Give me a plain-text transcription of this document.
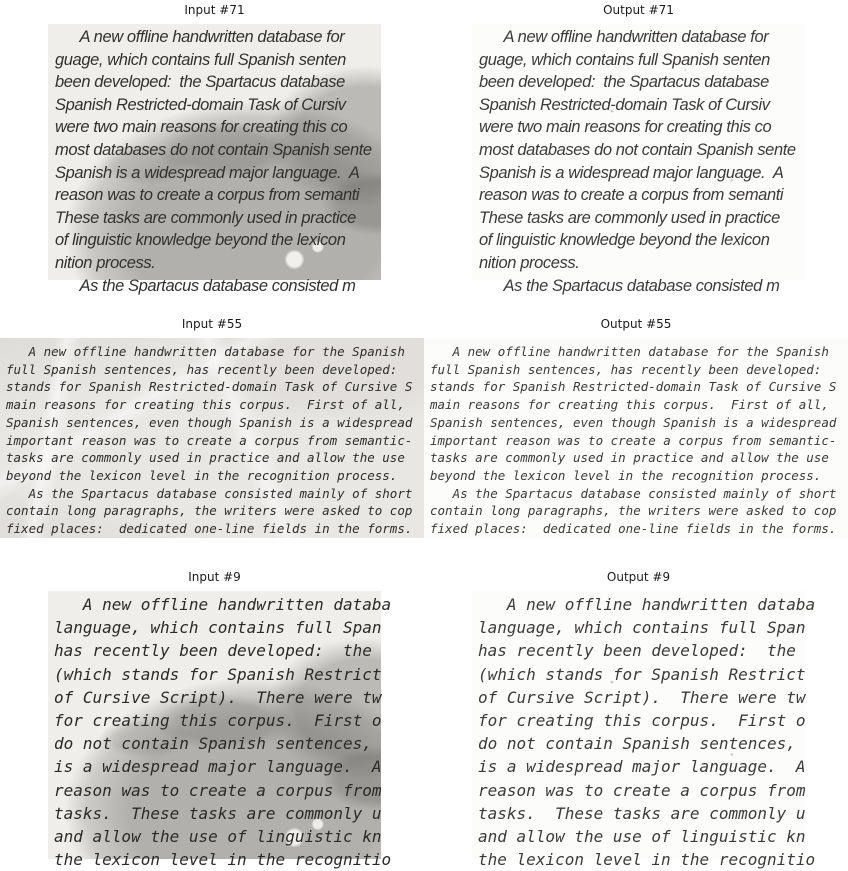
Input #71
A new offline handwritten database for
guage, which contains full Spanish senten
been developed:  the Spartacus database
Spanish Restricted-domain Task of Cursiv
were two main reasons for creating this co
most databases do not contain Spanish sente
Spanish is a widespread major language.  A
reason was to create a corpus from semanti
These tasks are commonly used in practice
of linguistic knowledge beyond the lexicon
nition process.
As the Spartacus database consisted m
Output #71
A new offline handwritten database for
guage, which contains full Spanish senten
been developed:  the Spartacus database
Spanish Restricted-domain Task of Cursiv
were two main reasons for creating this co
most databases do not contain Spanish sente
Spanish is a widespread major language.  A
reason was to create a corpus from semanti
These tasks are commonly used in practice
of linguistic knowledge beyond the lexicon
nition process.
As the Spartacus database consisted m
Input #55
A new offline handwritten database for the Spanish
full Spanish sentences, has recently been developed:
stands for Spanish Restricted-domain Task of Cursive S
main reasons for creating this corpus.  First of all,
Spanish sentences, even though Spanish is a widespread
important reason was to create a corpus from semantic-
tasks are commonly used in practice and allow the use
beyond the lexicon level in the recognition process.
As the Spartacus database consisted mainly of short
contain long paragraphs, the writers were asked to cop
fixed places:  dedicated one-line fields in the forms.
Output #55
A new offline handwritten database for the Spanish
full Spanish sentences, has recently been developed:
stands for Spanish Restricted-domain Task of Cursive S
main reasons for creating this corpus.  First of all,
Spanish sentences, even though Spanish is a widespread
important reason was to create a corpus from semantic-
tasks are commonly used in practice and allow the use
beyond the lexicon level in the recognition process.
As the Spartacus database consisted mainly of short
contain long paragraphs, the writers were asked to cop
fixed places:  dedicated one-line fields in the forms.
Input #9
A new offline handwritten databa
language, which contains full Span
has recently been developed:  the
(which stands for Spanish Restrict
of Cursive Script).  There were tw
for creating this corpus.  First o
do not contain Spanish sentences,
is a widespread major language.  A
reason was to create a corpus from
tasks.  These tasks are commonly u
and allow the use of linguistic kn
the lexicon level in the recognitio
Output #9
A new offline handwritten databa
language, which contains full Span
has recently been developed:  the
(which stands for Spanish Restrict
of Cursive Script).  There were tw
for creating this corpus.  First o
do not contain Spanish sentences,
is a widespread major language.  A
reason was to create a corpus from
tasks.  These tasks are commonly u
and allow the use of linguistic kn
the lexicon level in the recognitio
